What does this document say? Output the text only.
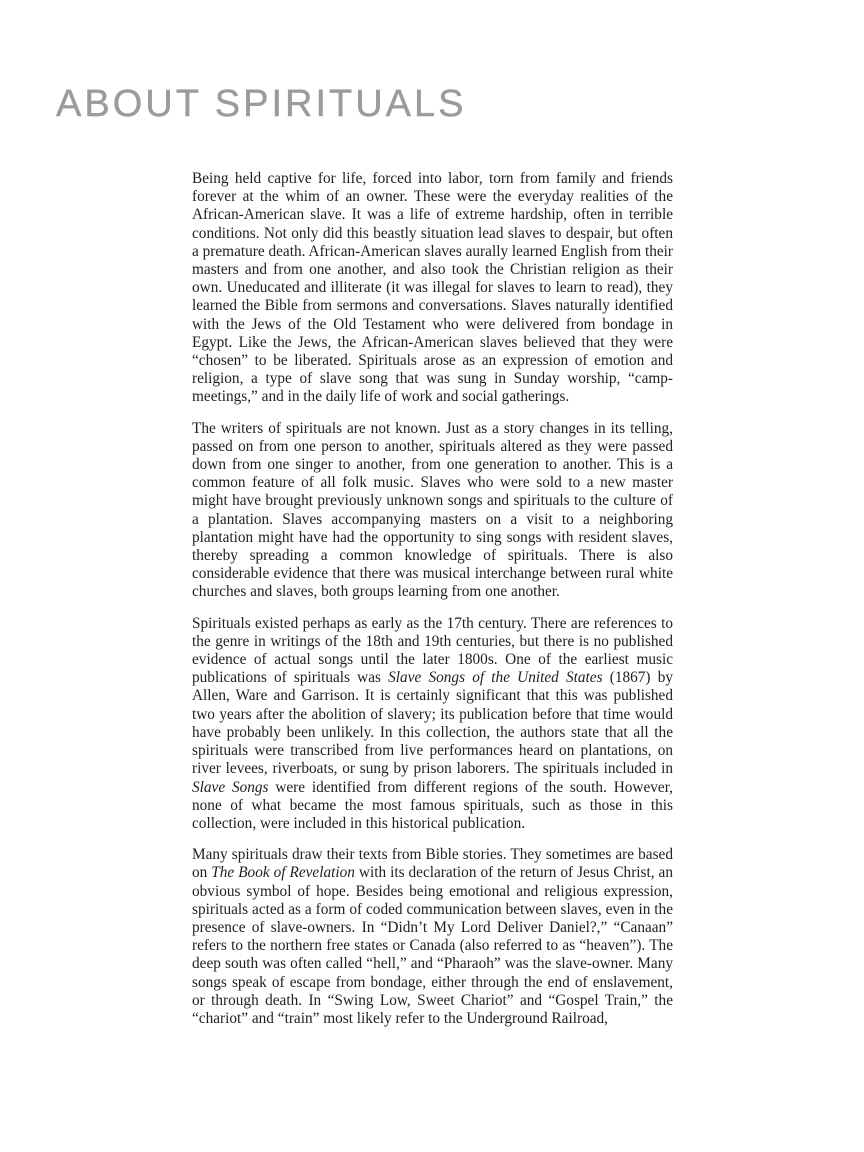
ABOUT SPIRITUALS

Being held captive for life, forced into labor, torn from family and friends forever at the whim of an owner. These were the everyday realities of the African-American slave. It was a life of extreme hardship, often in terrible conditions. Not only did this beastly situation lead slaves to despair, but often a premature death. African-American slaves aurally learned English from their masters and from one another, and also took the Christian religion as their own. Uneducated and illiterate (it was illegal for slaves to learn to read), they learned the Bible from sermons and conversations. Slaves naturally identified with the Jews of the Old Testament who were delivered from bondage in Egypt. Like the Jews, the African-American slaves believed that they were “chosen” to be liberated. Spirituals arose as an expression of emotion and religion, a type of slave song that was sung in Sunday worship, “camp-meetings,” and in the daily life of work and social gatherings.

The writers of spirituals are not known. Just as a story changes in its telling, passed on from one person to another, spirituals altered as they were passed down from one singer to another, from one generation to another. This is a common feature of all folk music. Slaves who were sold to a new master might have brought previously unknown songs and spirituals to the culture of a plantation. Slaves accompanying masters on a visit to a neighboring plantation might have had the opportunity to sing songs with resident slaves, thereby spreading a common knowledge of spirituals. There is also considerable evidence that there was musical interchange between rural white churches and slaves, both groups learning from one another.

Spirituals existed perhaps as early as the 17th century. There are references to the genre in writings of the 18th and 19th centuries, but there is no published evidence of actual songs until the later 1800s. One of the earliest music publications of spirituals was Slave Songs of the United States (1867) by Allen, Ware and Garrison. It is certainly significant that this was published two years after the abolition of slavery; its publication before that time would have probably been unlikely. In this collection, the authors state that all the spirituals were transcribed from live performances heard on plantations, on river levees, riverboats, or sung by prison laborers. The spirituals included in Slave Songs were identified from different regions of the south. However, none of what became the most famous spirituals, such as those in this collection, were included in this historical publication.

Many spirituals draw their texts from Bible stories. They sometimes are based on The Book of Revelation with its declaration of the return of Jesus Christ, an obvious symbol of hope. Besides being emotional and religious expression, spirituals acted as a form of coded communication between slaves, even in the presence of slave-owners. In “Didn’t My Lord Deliver Daniel?,” “Canaan” refers to the northern free states or Canada (also referred to as “heaven”). The deep south was often called “hell,” and “Pharaoh” was the slave-owner. Many songs speak of escape from bondage, either through the end of enslavement, or through death. In “Swing Low, Sweet Chariot” and “Gospel Train,” the “chariot” and “train” most likely refer to the Underground Railroad,
